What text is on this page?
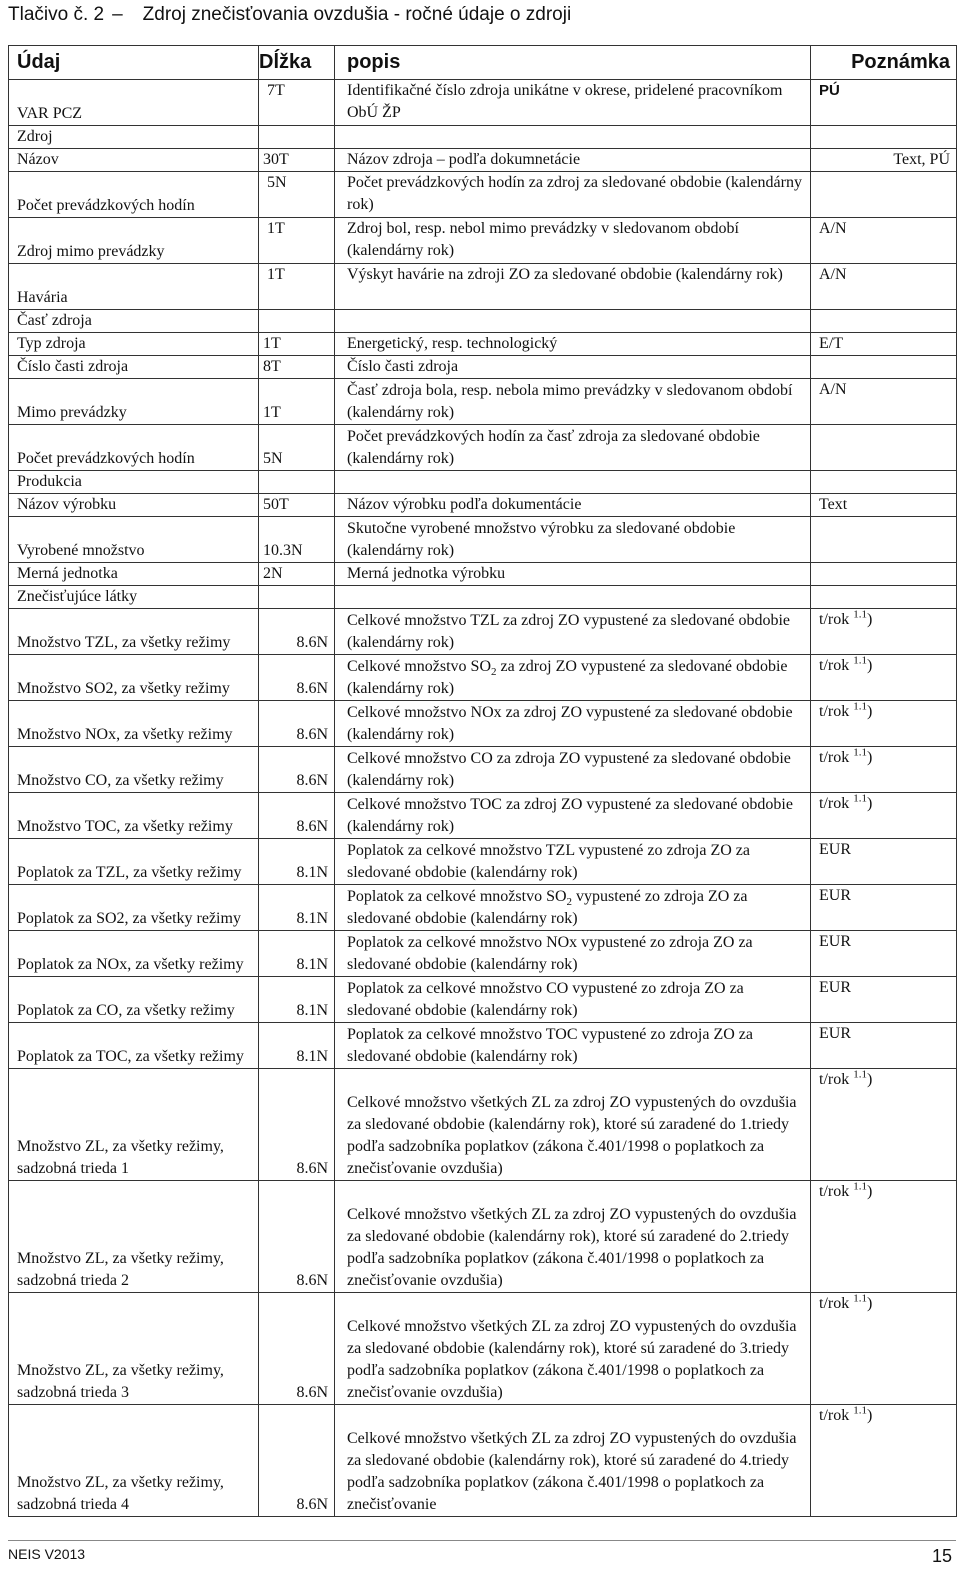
Tlačivo č. 2 – Zdroj znečisťovania ovzdušia - ročné údaje o zdroji
Údaj	Dĺžka	popis	Poznámka
VAR PCZ	7T	Identifikačné číslo zdroja unikátne v okrese, pridelené pracovníkom ObÚ ŽP	PÚ
Zdroj			
Názov	30T	Názov zdroja – podľa dokumnetácie	Text, PÚ
Počet prevádzkových hodín	5N	Počet prevádzkových hodín za zdroj za sledované obdobie (kalendárny rok)	
Zdroj mimo prevádzky	1T	Zdroj bol, resp. nebol mimo prevádzky v sledovanom období (kalendárny rok)	A/N
Havária	1T	Výskyt havárie na zdroji ZO za sledované obdobie (kalendárny rok)	A/N
Časť zdroja			
Typ zdroja	1T	Energetický, resp. technologický	E/T
Číslo časti zdroja	8T	Číslo časti zdroja	
Mimo prevádzky	1T	Časť zdroja bola, resp. nebola mimo prevádzky v sledovanom období (kalendárny rok)	A/N
Počet prevádzkových hodín	5N	Počet prevádzkových hodín za časť zdroja za sledované obdobie (kalendárny rok)	
Produkcia			
Názov výrobku	50T	Názov výrobku podľa dokumentácie	Text
Vyrobené množstvo	10.3N	Skutočne vyrobené množstvo výrobku za sledované obdobie (kalendárny rok)	
Merná jednotka	2N	Merná jednotka výrobku	
Znečisťujúce látky			
Množstvo TZL, za všetky režimy	8.6N	Celkové množstvo TZL za zdroj ZO vypustené za sledované obdobie (kalendárny rok)	t/rok $^{1.1}$)
Množstvo SO2, za všetky režimy	8.6N	Celkové množstvo $SO_2$ za zdroj ZO vypustené za sledované obdobie (kalendárny rok)	t/rok $^{1.1}$)
Množstvo NOx, za všetky režimy	8.6N	Celkové množstvo NOx za zdroj ZO vypustené za sledované obdobie (kalendárny rok)	t/rok $^{1.1}$)
Množstvo CO, za všetky režimy	8.6N	Celkové množstvo CO za zdroja ZO vypustené za sledované obdobie (kalendárny rok)	t/rok $^{1.1}$)
Množstvo TOC, za všetky režimy	8.6N	Celkové množstvo TOC za zdroj ZO vypustené za sledované obdobie (kalendárny rok)	t/rok $^{1.1}$)
Poplatok za TZL, za všetky režimy	8.1N	Poplatok za celkové množstvo TZL vypustené zo zdroja ZO za sledované obdobie (kalendárny rok)	EUR
Poplatok za SO2, za všetky režimy	8.1N	Poplatok za celkové množstvo $SO_2$ vypustené zo zdroja ZO za sledované obdobie (kalendárny rok)	EUR
Poplatok za NOx, za všetky režimy	8.1N	Poplatok za celkové množstvo NOx vypustené zo zdroja ZO za sledované obdobie (kalendárny rok)	EUR
Poplatok za CO, za všetky režimy	8.1N	Poplatok za celkové množstvo CO vypustené zo zdroja ZO za sledované obdobie (kalendárny rok)	EUR
Poplatok za TOC, za všetky režimy	8.1N	Poplatok za celkové množstvo TOC vypustené zo zdroja ZO za sledované obdobie (kalendárny rok)	EUR
Množstvo ZL, za všetky režimy, sadzobná trieda 1	8.6N	Celkové množstvo všetkých ZL za zdroj ZO vypustených do ovzdušia za sledované obdobie (kalendárny rok), ktoré sú zaradené do 1.triedy podľa sadzobníka poplatkov (zákona č.401/1998 o poplatkoch za znečisťovanie ovzdušia)	t/rok $^{1.1}$)
Množstvo ZL, za všetky režimy, sadzobná trieda 2	8.6N	Celkové množstvo všetkých ZL za zdroj ZO vypustených do ovzdušia za sledované obdobie (kalendárny rok), ktoré sú zaradené do 2.triedy podľa sadzobníka poplatkov (zákona č.401/1998 o poplatkoch za znečisťovanie ovzdušia)	t/rok $^{1.1}$)
Množstvo ZL, za všetky režimy, sadzobná trieda 3	8.6N	Celkové množstvo všetkých ZL za zdroj ZO vypustených do ovzdušia za sledované obdobie (kalendárny rok), ktoré sú zaradené do 3.triedy podľa sadzobníka poplatkov (zákona č.401/1998 o poplatkoch za znečisťovanie ovzdušia)	t/rok $^{1.1}$)
Množstvo ZL, za všetky režimy, sadzobná trieda 4	8.6N	Celkové množstvo všetkých ZL za zdroj ZO vypustených do ovzdušia za sledované obdobie (kalendárny rok), ktoré sú zaradené do 4.triedy podľa sadzobníka poplatkov (zákona č.401/1998 o poplatkoch za znečisťovanie	t/rok $^{1.1}$)
NEIS V2013	15
